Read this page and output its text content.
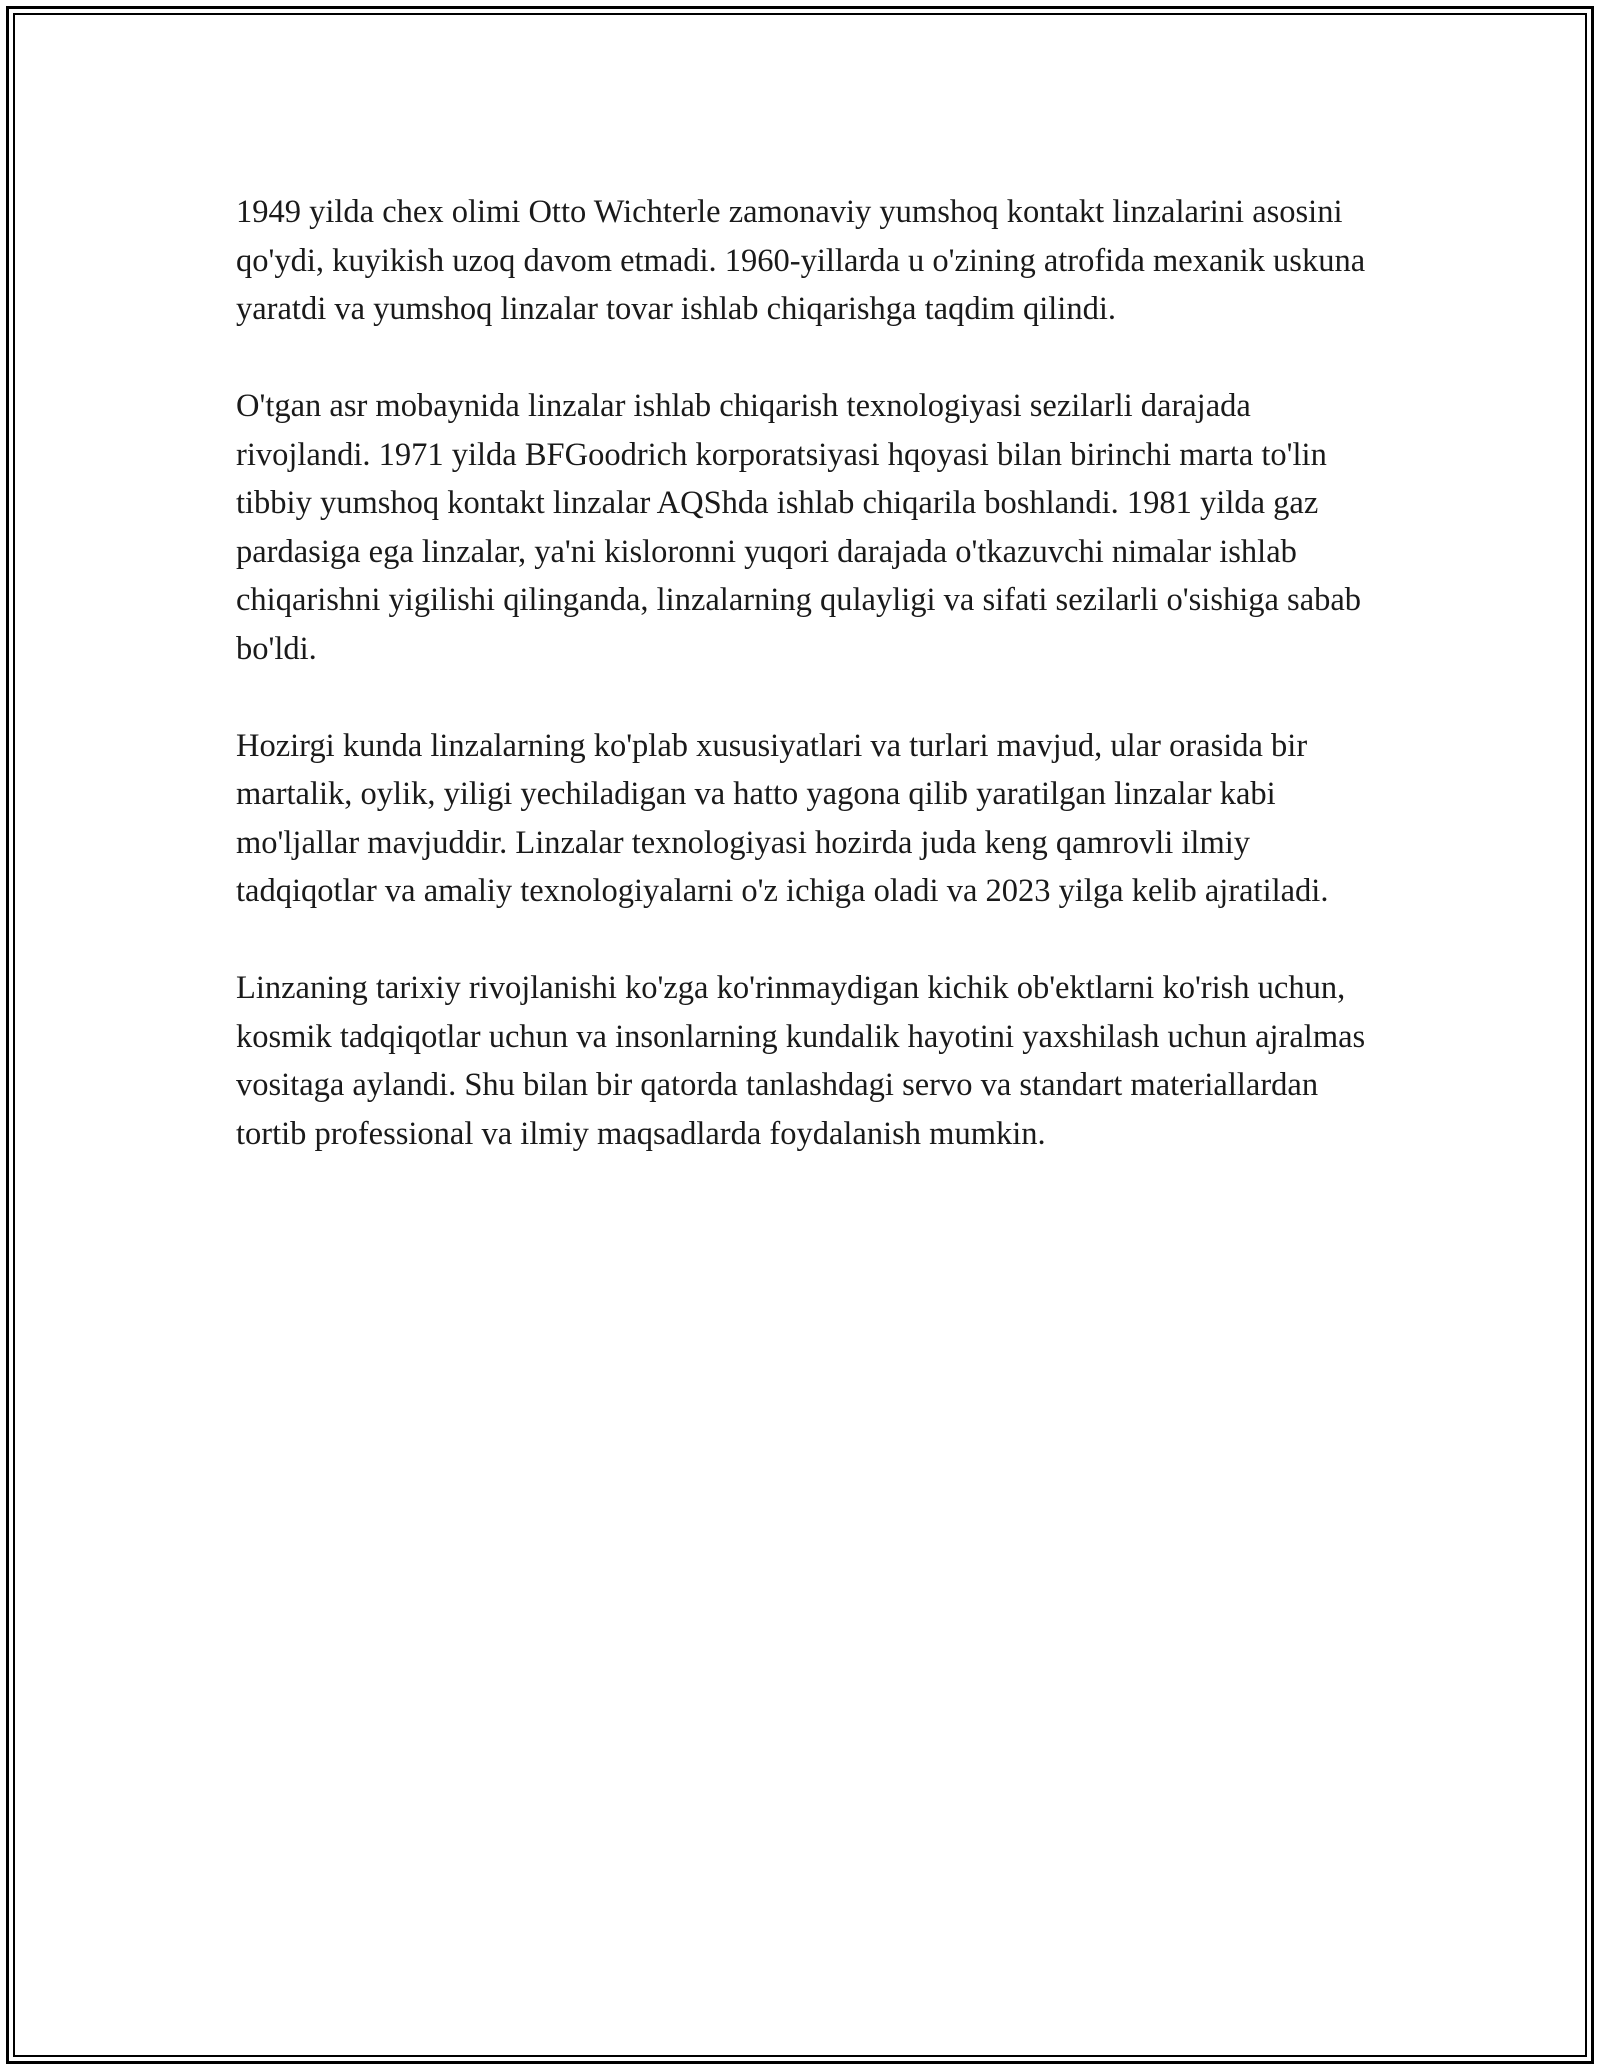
1949 yilda chex olimi Otto Wichterle zamonaviy yumshoq kontakt linzalarini asosini qo'ydi, kuyikish uzoq davom etmadi. 1960-yillarda u o'zining atrofida mexanik uskuna yaratdi va yumshoq linzalar tovar ishlab chiqarishga taqdim qilindi.

O'tgan asr mobaynida linzalar ishlab chiqarish texnologiyasi sezilarli darajada rivojlandi. 1971 yilda BFGoodrich korporatsiyasi hqoyasi bilan birinchi marta to'lin tibbiy yumshoq kontakt linzalar AQShda ishlab chiqarila boshlandi. 1981 yilda gaz pardasiga ega linzalar, ya'ni kisloronni yuqori darajada o'tkazuvchi nimalar ishlab chiqarishni yigilishi qilinganda, linzalarning qulayligi va sifati sezilarli o'sishiga sabab bo'ldi.

Hozirgi kunda linzalarning ko'plab xususiyatlari va turlari mavjud, ular orasida bir martalik, oylik, yiligi yechiladigan va hatto yagona qilib yaratilgan linzalar kabi mo'ljallar mavjuddir. Linzalar texnologiyasi hozirda juda keng qamrovli ilmiy tadqiqotlar va amaliy texnologiyalarni o'z ichiga oladi va 2023 yilga kelib ajratiladi.

Linzaning tarixiy rivojlanishi ko'zga ko'rinmaydigan kichik ob'ektlarni ko'rish uchun, kosmik tadqiqotlar uchun va insonlarning kundalik hayotini yaxshilash uchun ajralmas vositaga aylandi. Shu bilan bir qatorda tanlashdagi servo va standart materiallardan tortib professional va ilmiy maqsadlarda foydalanish mumkin.
